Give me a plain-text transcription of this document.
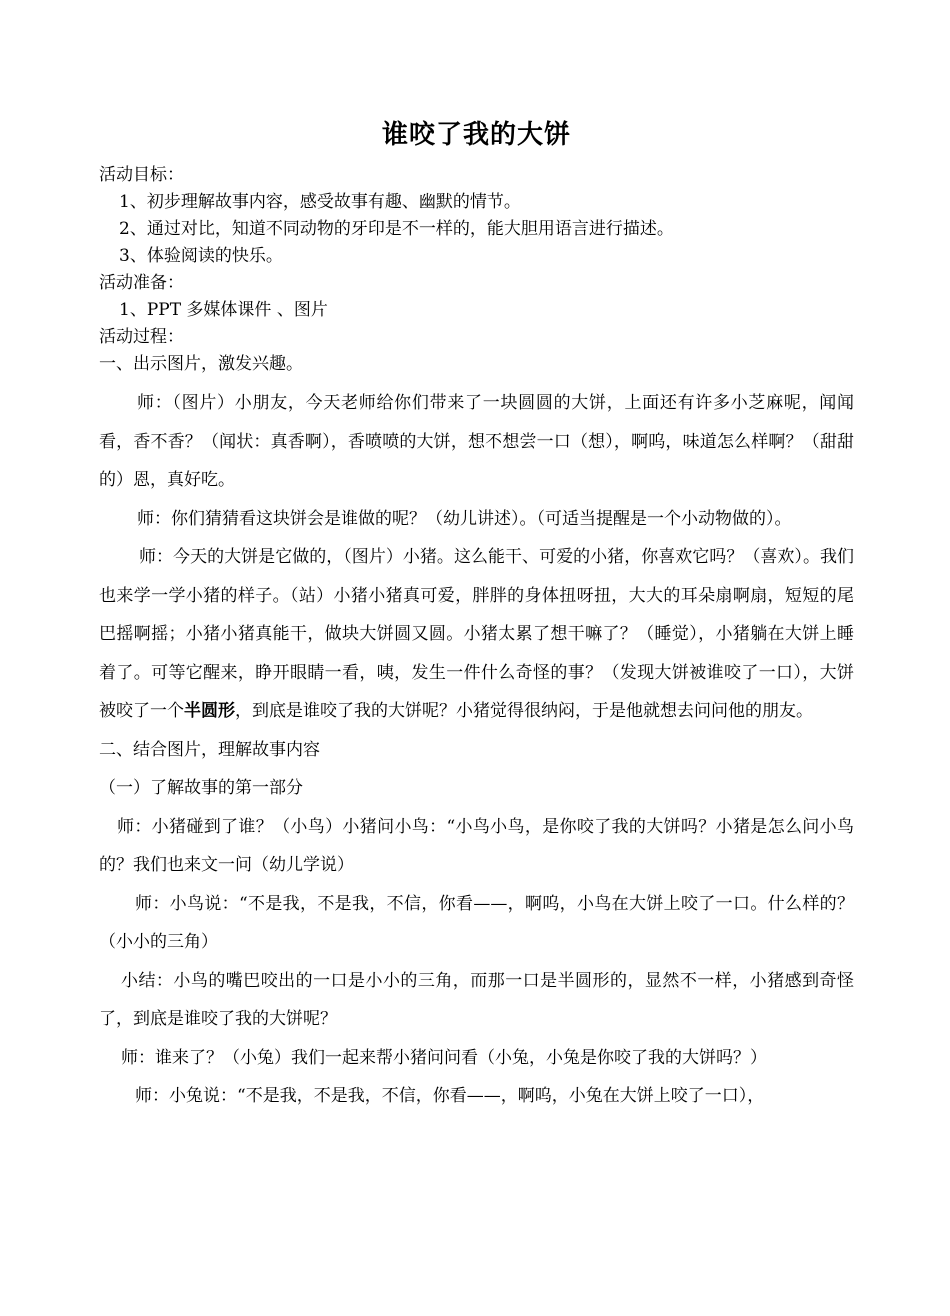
谁咬了我的大饼

活动目标：

1、初步理解故事内容，感受故事有趣、幽默的情节。

2、通过对比，知道不同动物的牙印是不一样的，能大胆用语言进行描述。

3、体验阅读的快乐。

活动准备：

1、PPT 多媒体课件 、图片

活动过程：

一、出示图片，激发兴趣。

师：（图片）小朋友，今天老师给你们带来了一块圆圆的大饼，上面还有许多小芝麻呢，闻闻看，香不香？（闻状：真香啊），香喷喷的大饼，想不想尝一口（想），啊呜，味道怎么样啊？（甜甜的）恩，真好吃。

师：你们猜猜看这块饼会是谁做的呢？（幼儿讲述）。（可适当提醒是一个小动物做的）。

师：今天的大饼是它做的，（图片）小猪。这么能干、可爱的小猪，你喜欢它吗？（喜欢）。我们也来学一学小猪的样子。（站）小猪小猪真可爱，胖胖的身体扭呀扭，大大的耳朵扇啊扇，短短的尾巴摇啊摇；小猪小猪真能干，做块大饼圆又圆。小猪太累了想干嘛了？（睡觉），小猪躺在大饼上睡着了。可等它醒来，睁开眼睛一看，咦，发生一件什么奇怪的事？（发现大饼被谁咬了一口），大饼被咬了一个半圆形，到底是谁咬了我的大饼呢？小猪觉得很纳闷，于是他就想去问问他的朋友。

二、结合图片，理解故事内容

（一）了解故事的第一部分

师：小猪碰到了谁？（小鸟）小猪问小鸟：“小鸟小鸟，是你咬了我的大饼吗？小猪是怎么问小鸟的？我们也来文一问（幼儿学说）

师：小鸟说：“不是我，不是我，不信，你看——，啊呜，小鸟在大饼上咬了一口。什么样的？（小小的三角）

小结：小鸟的嘴巴咬出的一口是小小的三角，而那一口是半圆形的，显然不一样，小猪感到奇怪了，到底是谁咬了我的大饼呢？

师：谁来了？（小兔）我们一起来帮小猪问问看（小兔，小兔是你咬了我的大饼吗？）

师：小兔说：“不是我，不是我，不信，你看——，啊呜，小兔在大饼上咬了一口），
